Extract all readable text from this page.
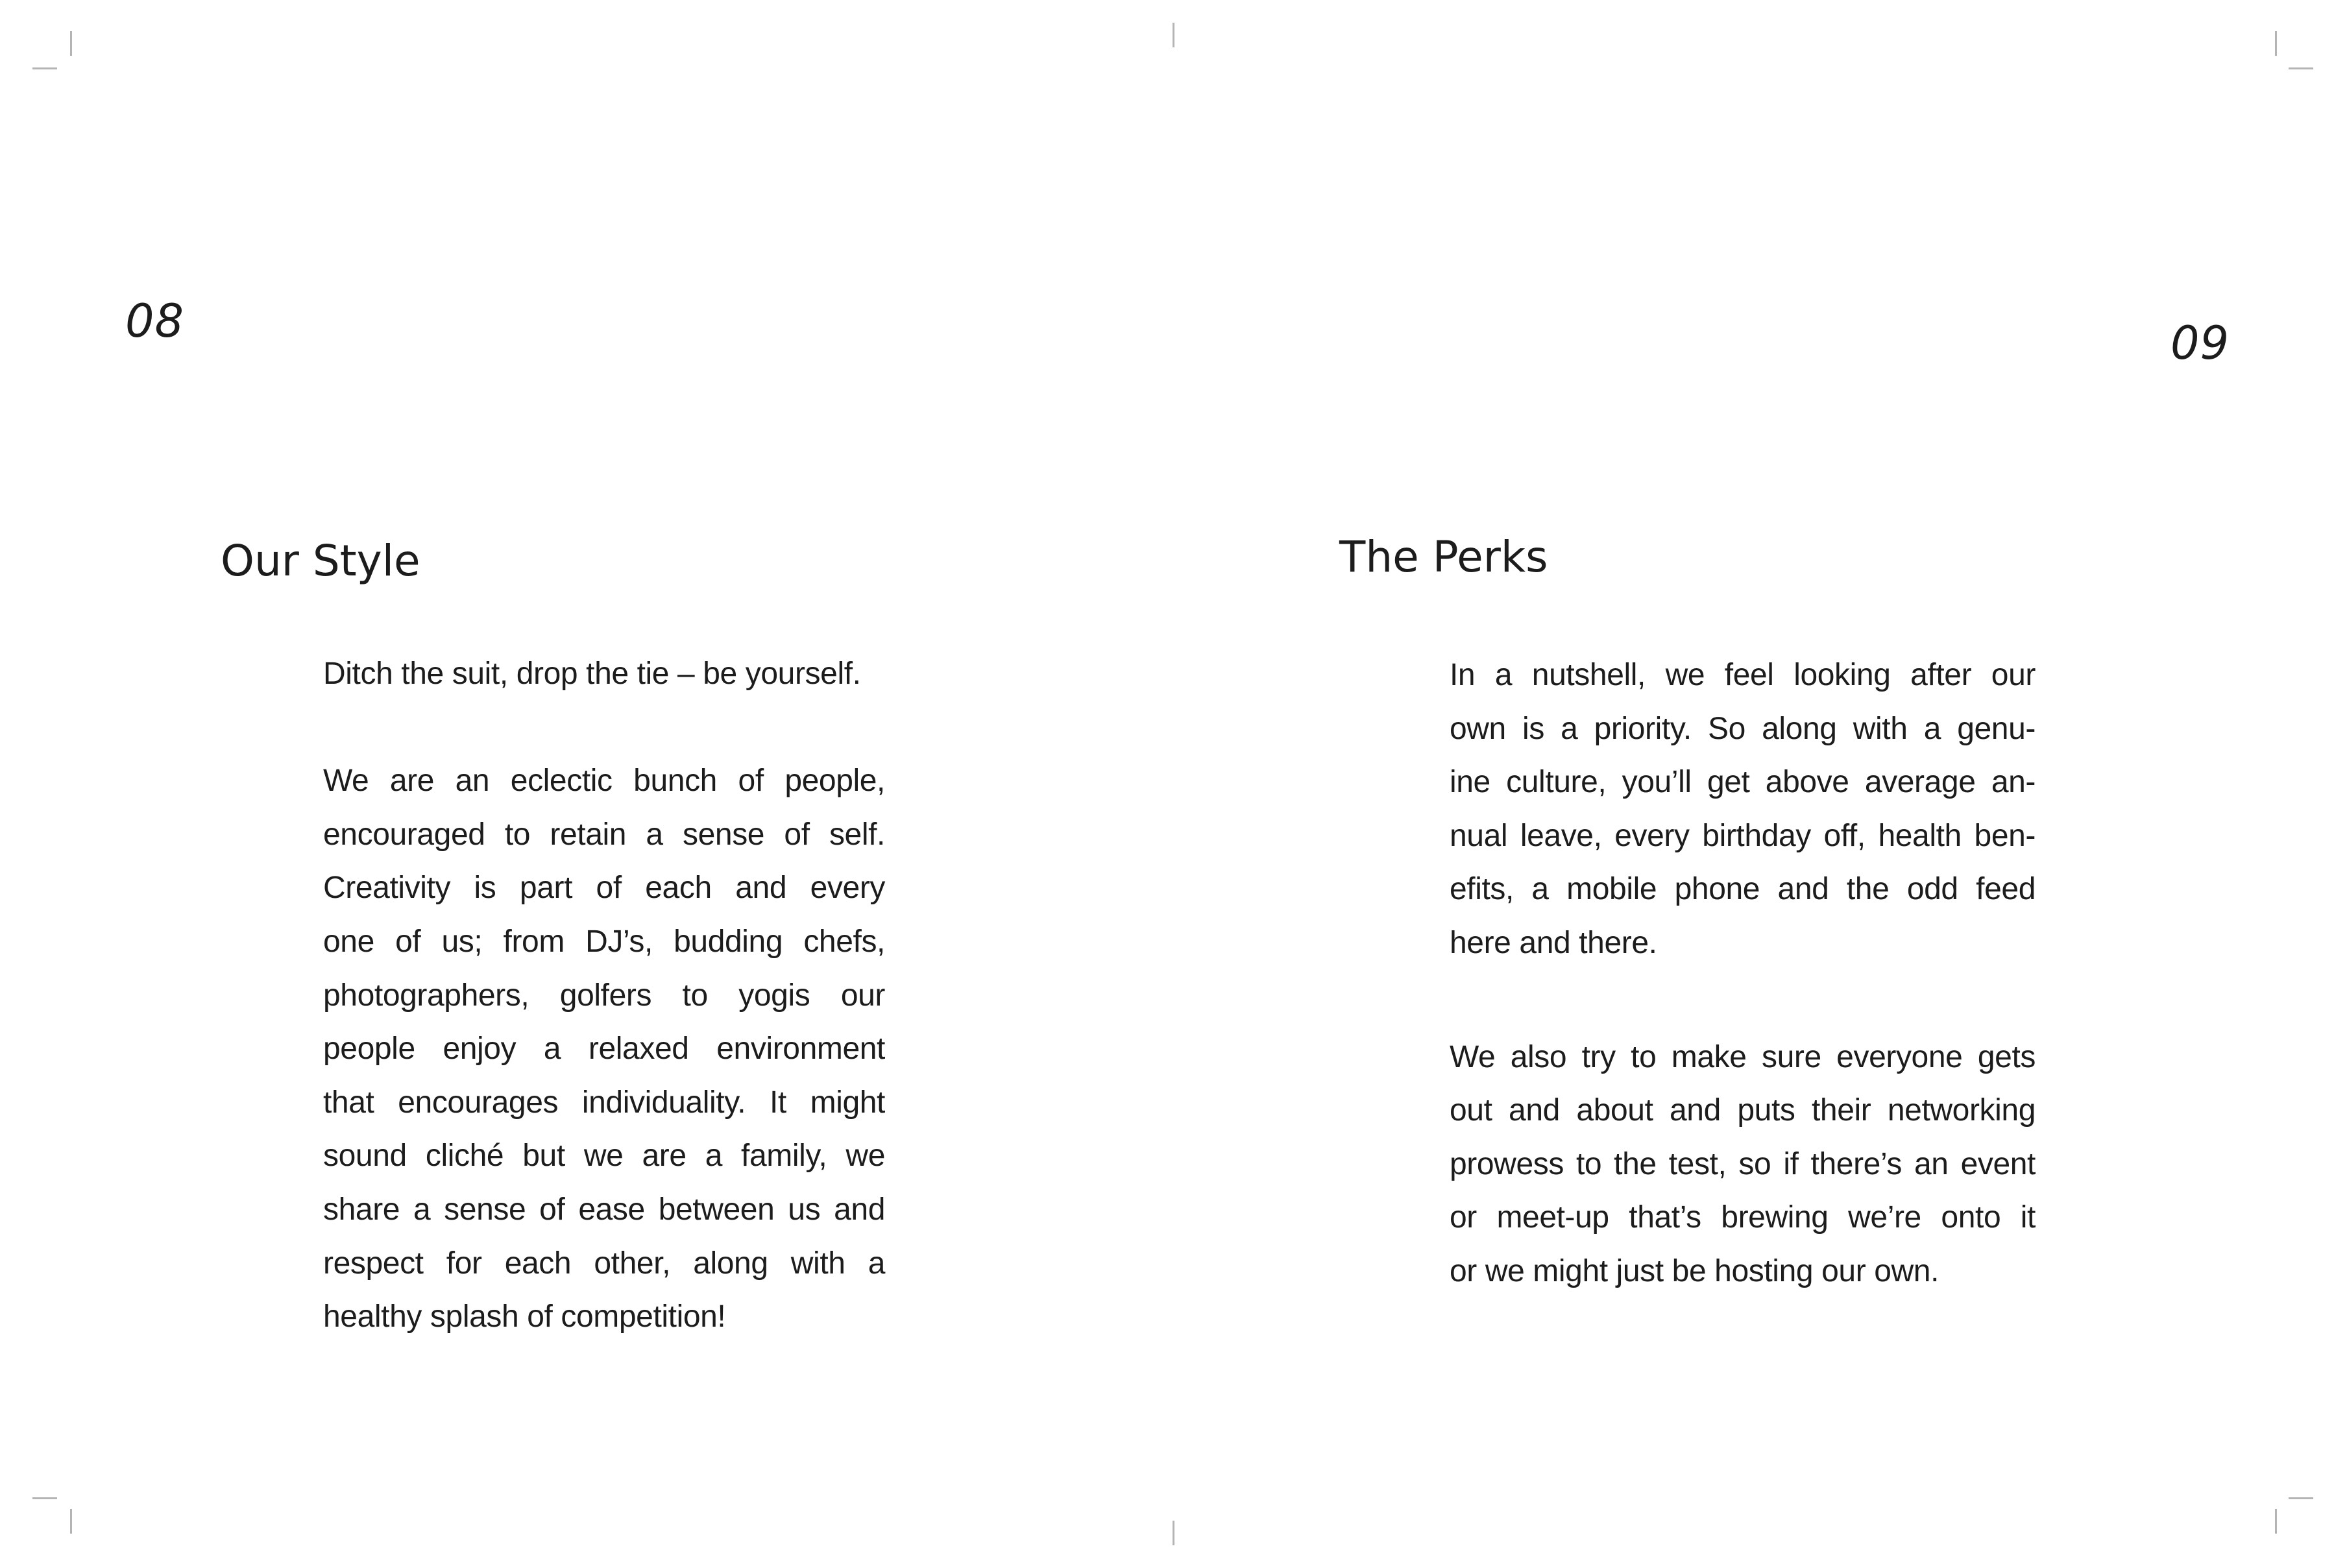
08
Our Style
Ditch the suit, drop the tie – be yourself.
We are an eclectic bunch of people,
encouraged to retain a sense of self.
Creativity is part of each and every
one of us; from DJ’s, budding chefs,
photographers, golfers to yogis our
people enjoy a relaxed environment
that encourages individuality. It might
sound cliché but we are a family, we
share a sense of ease between us and
respect for each other, along with a
healthy splash of competition!
09
The Perks
In a nutshell, we feel looking after our
own is a priority. So along with a genu-
ine culture, you’ll get above average an-
nual leave, every birthday off, health ben-
efits, a mobile phone and the odd feed
here and there.
We also try to make sure everyone gets
out and about and puts their networking
prowess to the test, so if there’s an event
or meet-up that’s brewing we’re onto it
or we might just be hosting our own.
